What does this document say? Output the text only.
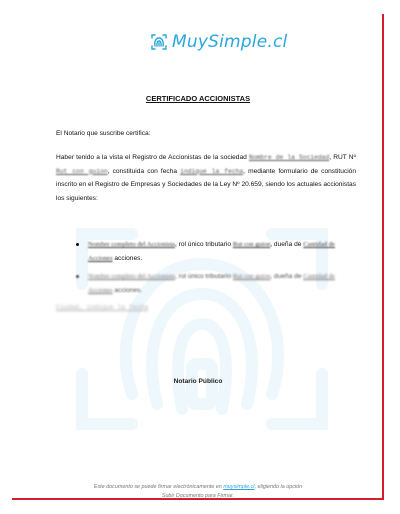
MuySimple.cl
CERTIFICADO ACCIONISTAS
El Notario que suscribe certifica:
Haber tenido a la vista el Registro de Accionistas de la sociedad Nombre de la Sociedad, RUT Nº Rut con guion, constituida con fecha indique la fecha, mediante formulario de constitución inscrito en el Registro de Empresas y Sociedades de la Ley Nº 20.659, siendo los actuales accionistas los siguientes:
Nombre completo del Accionista, rol único tributario Rut con guion, dueña de Cantidad de Acciones acciones.
Nombre completo del Accionista, rol único tributario Rut con guion, dueña de Cantidad de Acciones acciones.
Ciudad, indique la fecha
Notario Público
Este documento se puede firmar electrónicamente en muysimple.cl, eligiendo la opción
Subir Documento para Firmar.
